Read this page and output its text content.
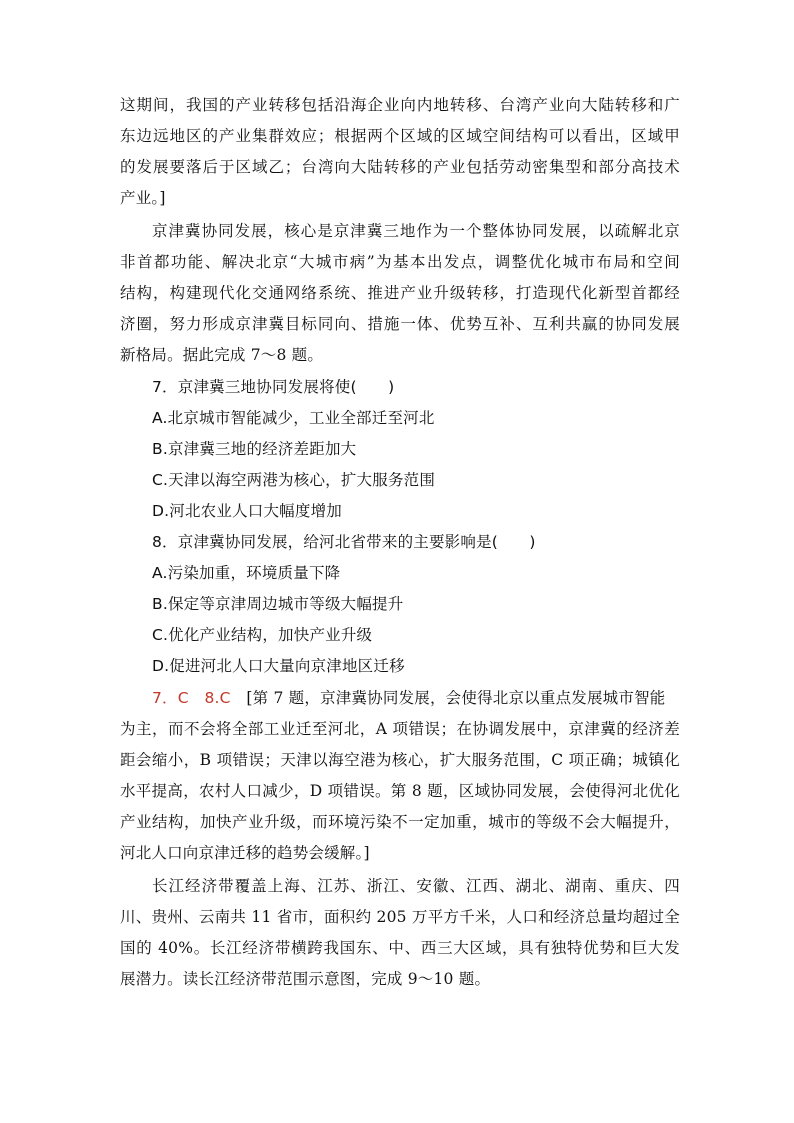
这期间，我国的产业转移包括沿海企业向内地转移、台湾产业向大陆转移和广
东边远地区的产业集群效应；根据两个区域的区域空间结构可以看出，区域甲
的发展要落后于区域乙；台湾向大陆转移的产业包括劳动密集型和部分高技术
产业。]
京津冀协同发展，核心是京津冀三地作为一个整体协同发展，以疏解北京
非首都功能、解决北京“大城市病”为基本出发点，调整优化城市布局和空间
结构，构建现代化交通网络系统、推进产业升级转移，打造现代化新型首都经
济圈，努力形成京津冀目标同向、措施一体、优势互补、互利共赢的协同发展
新格局。据此完成 7～8 题。
7．京津冀三地协同发展将使(　　)
A.北京城市智能减少，工业全部迁至河北
B.京津冀三地的经济差距加大
C.天津以海空两港为核心，扩大服务范围
D.河北农业人口大幅度增加
8．京津冀协同发展，给河北省带来的主要影响是(　　)
A.污染加重，环境质量下降
B.保定等京津周边城市等级大幅提升
C.优化产业结构，加快产业升级
D.促进河北人口大量向京津地区迁移
7．C　8.C　 [第 7 题，京津冀协同发展，会使得北京以重点发展城市智能
为主，而不会将全部工业迁至河北，A 项错误；在协调发展中，京津冀的经济差
距会缩小，B 项错误；天津以海空港为核心，扩大服务范围，C 项正确；城镇化
水平提高，农村人口减少，D 项错误。第 8 题，区域协同发展，会使得河北优化
产业结构，加快产业升级，而环境污染不一定加重，城市的等级不会大幅提升，
河北人口向京津迁移的趋势会缓解。]
长江经济带覆盖上海、江苏、浙江、安徽、江西、湖北、湖南、重庆、四
川、贵州、云南共 11 省市，面积约 205 万平方千米，人口和经济总量均超过全
国的 40%。长江经济带横跨我国东、中、西三大区域，具有独特优势和巨大发
展潜力。读长江经济带范围示意图，完成 9～10 题。
